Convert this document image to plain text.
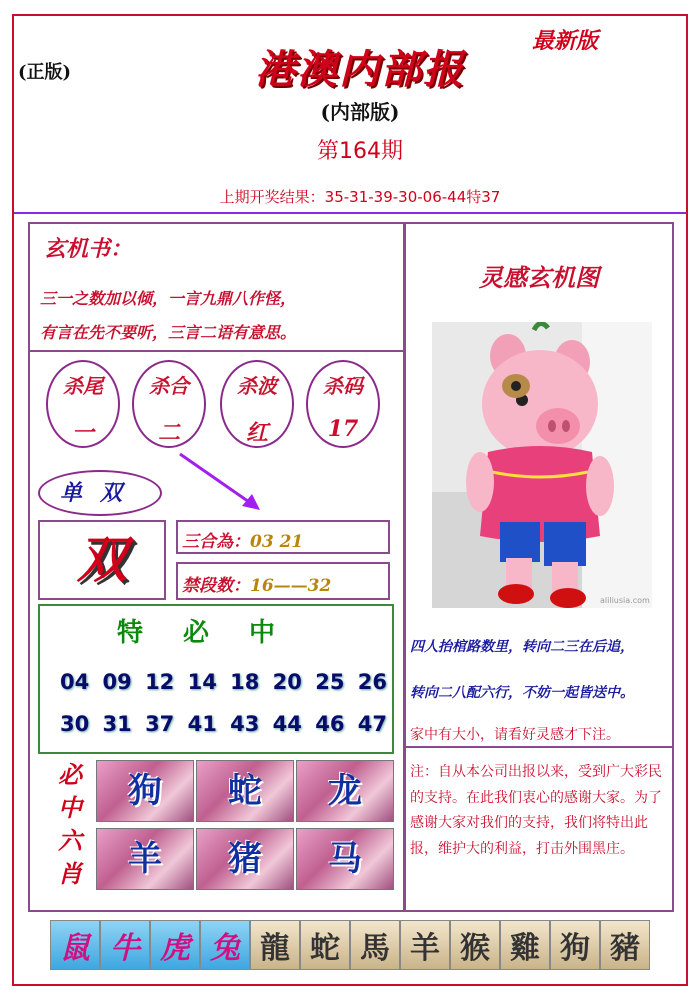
(正版)	港澳内部报
最新版
(内部版)
第164期
上期开奖结果：35-31-39-30-06-44特37
玄机书：
三一之数加以倾，一言九鼎八作怪，
有言在先不要听，三言二语有意思。
杀尾
一
杀合
二
杀波
红
杀码
17
单双
双	三合為：03 21
禁段数：16——32
特必中
04 09 12 14 18 20 25 26
30 31 37 41 43 44 46 47
必
中
六
肖
狗	蛇	龙
羊	猪	马
灵感玄机图
aliliusia.com
四人抬棺路数里，转向二三在后追，
转向二八配六行，不妨一起皆送中。
家中有大小，请看好灵感才下注。
注：自从本公司出报以来，受到广大彩民的支持。在此我们衷心的感谢大家。为了感谢大家对我们的支持，我们将特出此报，维护大的利益，打击外围黑庄。
鼠 牛 虎 兔 龍 蛇 馬 羊 猴 雞 狗 豬
